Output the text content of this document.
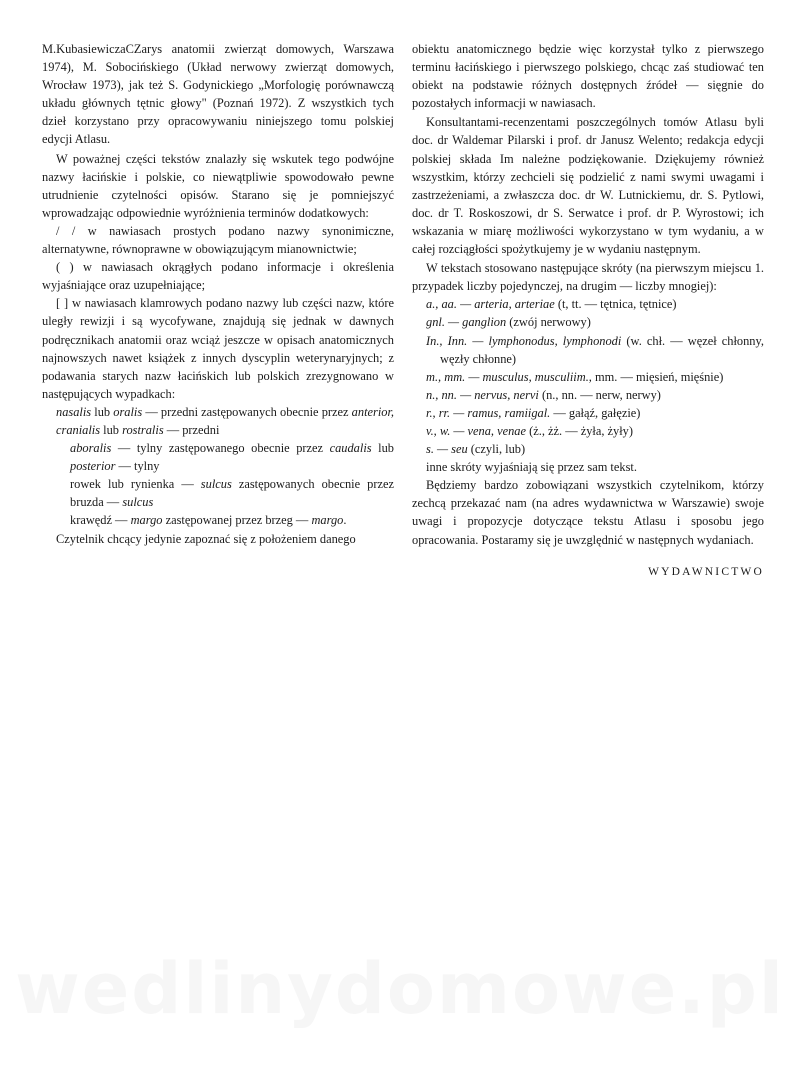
M.KubasiewiczaCZarys anatomii zwierząt domowych, Warszawa 1974), M. Sobocińskiego (Układ nerwowy zwierząt domowych, Wrocław 1973), jak też S. Godynickiego „Morfologię porównawczą układu głównych tętnic głowy" (Poznań 1972). Z wszystkich tych dzieł korzystano przy opracowywaniu niniejszego tomu polskiej edycji Atlasu.

W poważnej części tekstów znalazły się wskutek tego podwójne nazwy łacińskie i polskie, co niewątpliwie spowodowało pewne utrudnienie czytelności opisów. Starano się je pomniejszyć wprowadzając odpowiednie wyróżnienia terminów dodatkowych:

/ / w nawiasach prostych podano nazwy synonimiczne, alternatywne, równoprawne w obowiązującym mianownictwie;

( ) w nawiasach okrągłych podano informacje i określenia wyjaśniające oraz uzupełniające;

[ ] w nawiasach klamrowych podano nazwy lub części nazw, które uległy rewizji i są wycofywane, znajdują się jednak w dawnych podręcznikach anatomii oraz wciąż jeszcze w opisach anatomicznych najnowszych nawet książek z innych dyscyplin weterynaryjnych; z podawania starych nazw łacińskich lub polskich zrezygnowano w następujących wypadkach:

nasalis lub oralis — przedni zastępowanych obecnie przez anterior, cranialis lub rostralis — przedni

aboralis — tylny zastępowanego obecnie przez caudalis lub posterior — tylny

rowek lub rynienka — sulcus zastępowanych obecnie przez bruzda — sulcus

krawędź — margo zastępowanej przez brzeg — margo.

Czytelnik chcący jedynie zapoznać się z położeniem danego

obiektu anatomicznego będzie więc korzystał tylko z pierwszego terminu łacińskiego i pierwszego polskiego, chcąc zaś studiować ten obiekt na podstawie różnych dostępnych źródeł — sięgnie do pozostałych informacji w nawiasach.

Konsultantami-recenzentami poszczególnych tomów Atlasu byli doc. dr Waldemar Pilarski i prof. dr Janusz Welento; redakcja edycji polskiej składa Im należne podziękowanie. Dziękujemy również wszystkim, którzy zechcieli się podzielić z nami swymi uwagami i zastrzeżeniami, a zwłaszcza doc. dr W. Lutnickiemu, dr. S. Pytlowi, doc. dr T. Roskoszowi, dr S. Serwatce i prof. dr P. Wyrostowi; ich wskazania w miarę możliwości wykorzystano w tym wydaniu, a w całej rozciągłości spożytkujemy je w wydaniu następnym.

W tekstach stosowano następujące skróty (na pierwszym miejscu 1. przypadek liczby pojedynczej, na drugim — liczby mnogiej):

a., aa. — arteria, arteriae (t, tt. — tętnica, tętnice)

gnl. — ganglion (zwój nerwowy)

In., Inn. — lymphonodus, lymphonodi (w. chł. — węzeł chłonny, węzły chłonne)

m., mm. — musculus, musculiim., mm. — mięsień, mięśnie)

n., nn. — nervus, nervi (n., nn. — nerw, nerwy)

r., rr. — ramus, ramiigal. — gałąź, gałęzie)

v., w. — vena, venae (ż., żż. — żyła, żyły)

s. — seu (czyli, lub)

inne skróty wyjaśniają się przez sam tekst.

Będziemy bardzo zobowiązani wszystkich czytelnikom, którzy zechcą przekazać nam (na adres wydawnictwa w Warszawie) swoje uwagi i propozycje dotyczące tekstu Atlasu i sposobu jego opracowania. Postaramy się je uwzględnić w następnych wydaniach.

WYDAWNICTWO
wedlinydomowe.pl
